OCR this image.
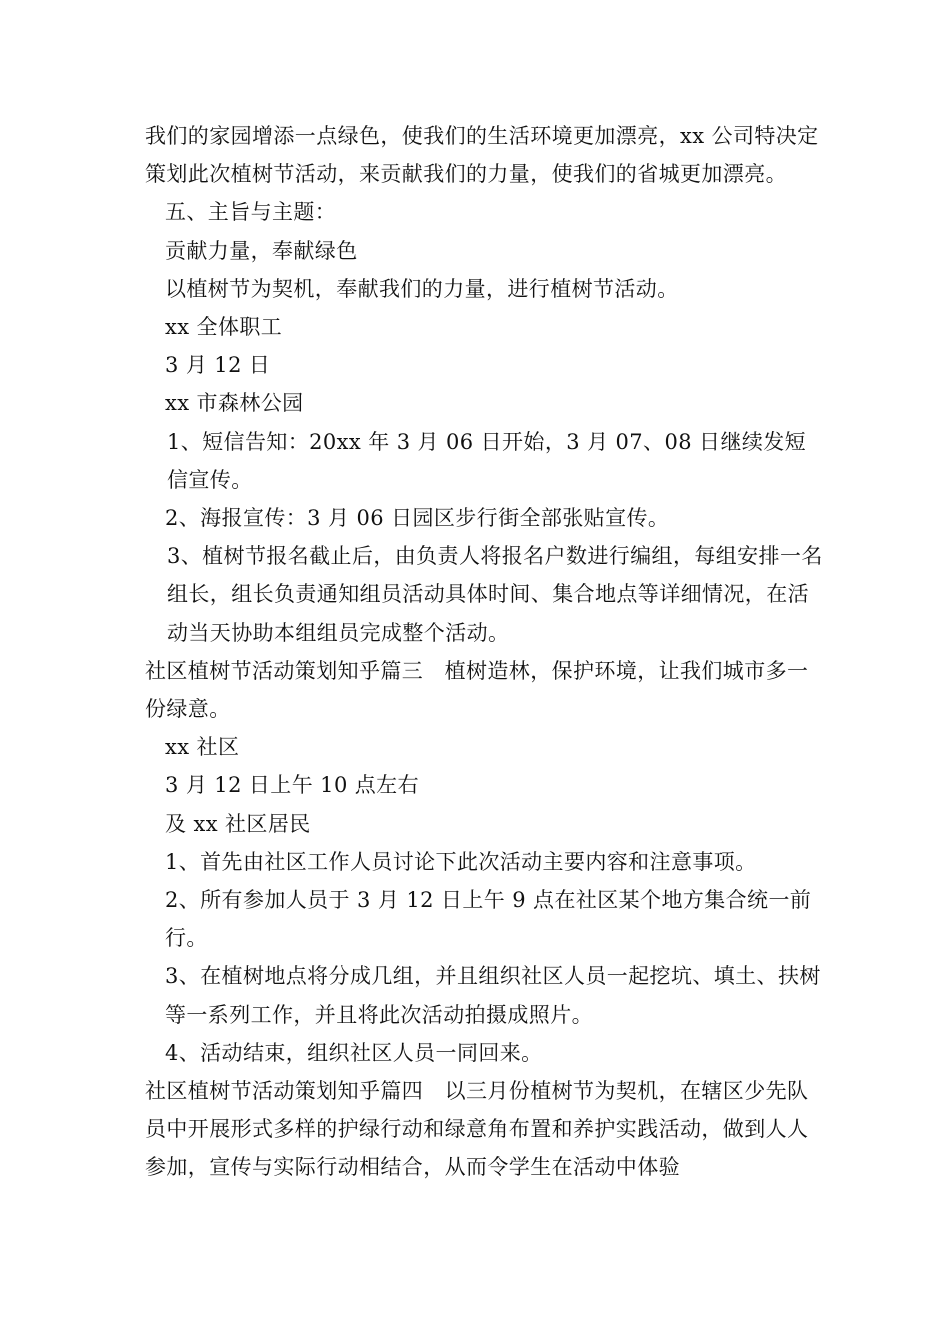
我们的家园增添一点绿色，使我们的生活环境更加漂亮，xx 公司特决定策划此次植树节活动，来贡献我们的力量，使我们的省城更加漂亮。

五、主旨与主题：

贡献力量，奉献绿色

以植树节为契机，奉献我们的力量，进行植树节活动。

xx 全体职工

3 月 12 日

xx 市森林公园

1、短信告知：20xx 年 3 月 06 日开始，3 月 07、08 日继续发短信宣传。

2、海报宣传：3 月 06 日园区步行街全部张贴宣传。

3、植树节报名截止后，由负责人将报名户数进行编组，每组安排一名组长，组长负责通知组员活动具体时间、集合地点等详细情况，在活动当天协助本组组员完成整个活动。

社区植树节活动策划知乎篇三　植树造林，保护环境，让我们城市多一份绿意。

xx 社区

3 月 12 日上午 10 点左右

及 xx 社区居民

1、首先由社区工作人员讨论下此次活动主要内容和注意事项。

2、所有参加人员于 3 月 12 日上午 9 点在社区某个地方集合统一前行。

3、在植树地点将分成几组，并且组织社区人员一起挖坑、填土、扶树等一系列工作，并且将此次活动拍摄成照片。

4、活动结束，组织社区人员一同回来。

社区植树节活动策划知乎篇四　以三月份植树节为契机，在辖区少先队员中开展形式多样的护绿行动和绿意角布置和养护实践活动，做到人人参加，宣传与实际行动相结合，从而令学生在活动中体验
